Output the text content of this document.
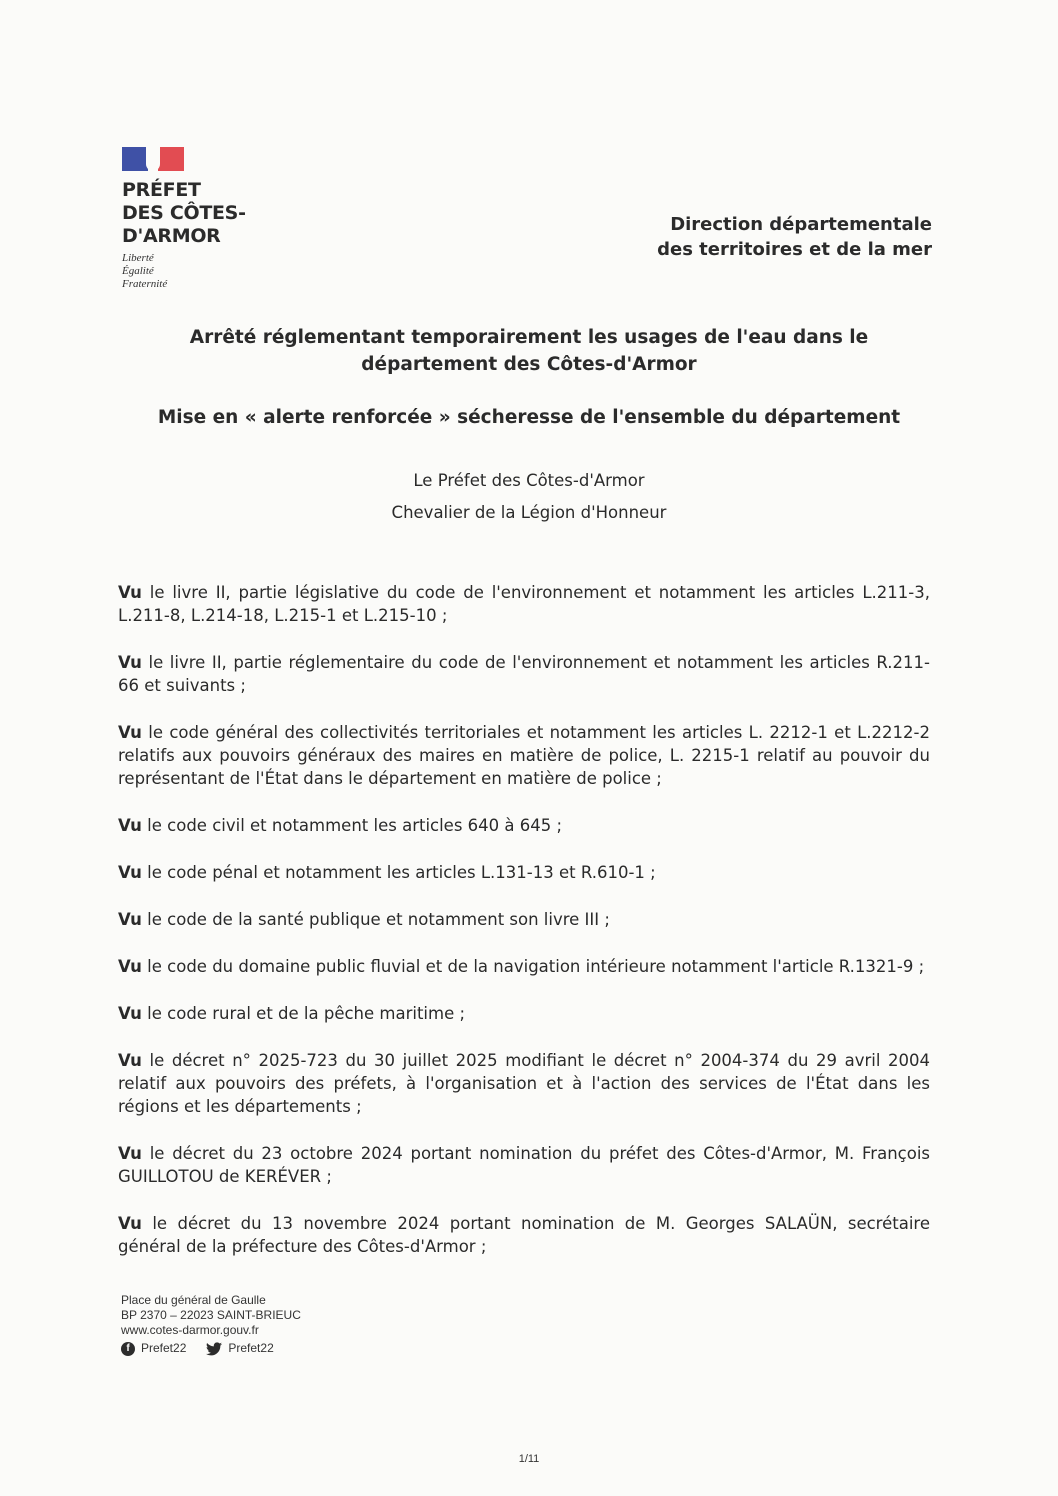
PRÉFET
DES CÔTES-
D'ARMOR
Liberté
Égalité
Fraternité
Direction départementale
des territoires et de la mer
Arrêté réglementant temporairement les usages de l'eau dans le
département des Côtes-d'Armor
Mise en « alerte renforcée » sécheresse de l'ensemble du département
Le Préfet des Côtes-d'Armor
Chevalier de la Légion d'Honneur

Vu le livre II, partie législative du code de l'environnement et notamment les articles L.211-3, L.211-8, L.214-18, L.215-1 et L.215-10 ;

Vu le livre II, partie réglementaire du code de l'environnement et notamment les articles R.211-66 et suivants ;

Vu le code général des collectivités territoriales et notamment les articles L. 2212-1 et L.2212-2 relatifs aux pouvoirs généraux des maires en matière de police, L. 2215-1 relatif au pouvoir du représentant de l'État dans le département en matière de police ;

Vu le code civil et notamment les articles 640 à 645 ;

Vu le code pénal et notamment les articles L.131-13 et R.610-1 ;

Vu le code de la santé publique et notamment son livre III ;

Vu le code du domaine public fluvial et de la navigation intérieure notamment l'article R.1321-9 ;

Vu le code rural et de la pêche maritime ;

Vu le décret n° 2025-723 du 30 juillet 2025 modifiant le décret n° 2004-374 du 29 avril 2004 relatif aux pouvoirs des préfets, à l'organisation et à l'action des services de l'État dans les régions et les départements ;

Vu le décret du 23 octobre 2024 portant nomination du préfet des Côtes-d'Armor, M. François GUILLOTOU de KERÉVER ;

Vu le décret du 13 novembre 2024 portant nomination de M. Georges SALAÜN, secrétaire général de la préfecture des Côtes-d'Armor ;

Place du général de Gaulle
BP 2370 – 22023 SAINT-BRIEUC
www.cotes-darmor.gouv.fr
f Prefet22	Prefet22
1/11
